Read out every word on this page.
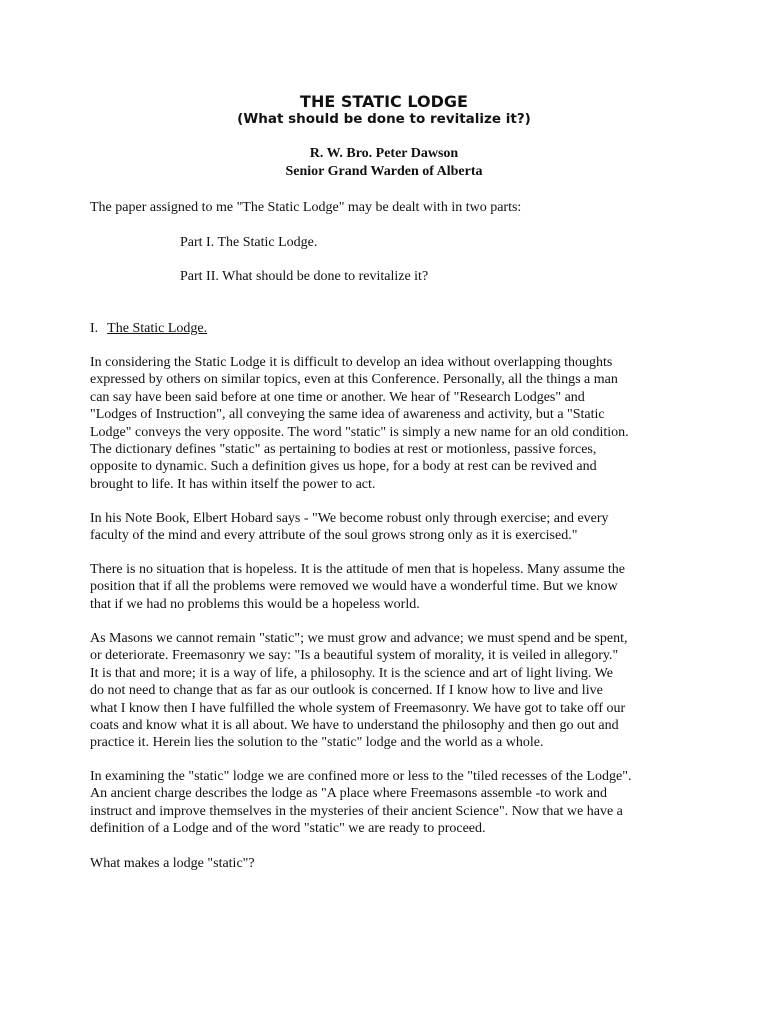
THE STATIC LODGE
(What should be done to revitalize it?)
R. W. Bro. Peter Dawson
Senior Grand Warden of Alberta

The paper assigned to me "The Static Lodge" may be dealt with in two parts:

Part I. The Static Lodge.

Part II. What should be done to revitalize it?

I. The Static Lodge.

In considering the Static Lodge it is difficult to develop an idea without overlapping thoughts
expressed by others on similar topics, even at this Conference. Personally, all the things a man
can say have been said before at one time or another. We hear of "Research Lodges" and
"Lodges of Instruction", all conveying the same idea of awareness and activity, but a "Static
Lodge" conveys the very opposite. The word "static" is simply a new name for an old condition.
The dictionary defines "static" as pertaining to bodies at rest or motionless, passive forces,
opposite to dynamic. Such a definition gives us hope, for a body at rest can be revived and
brought to life. It has within itself the power to act.
In his Note Book, Elbert Hobard says - "We become robust only through exercise; and every
faculty of the mind and every attribute of the soul grows strong only as it is exercised."
There is no situation that is hopeless. It is the attitude of men that is hopeless. Many assume the
position that if all the problems were removed we would have a wonderful time. But we know
that if we had no problems this would be a hopeless world.
As Masons we cannot remain "static"; we must grow and advance; we must spend and be spent,
or deteriorate. Freemasonry we say: "Is a beautiful system of morality, it is veiled in allegory."
It is that and more; it is a way of life, a philosophy. It is the science and art of light living. We
do not need to change that as far as our outlook is concerned. If I know how to live and live
what I know then I have fulfilled the whole system of Freemasonry. We have got to take off our
coats and know what it is all about. We have to understand the philosophy and then go out and
practice it. Herein lies the solution to the "static" lodge and the world as a whole.
In examining the "static" lodge we are confined more or less to the "tiled recesses of the Lodge".
An ancient charge describes the lodge as "A place where Freemasons assemble -to work and
instruct and improve themselves in the mysteries of their ancient Science". Now that we have a
definition of a Lodge and of the word "static" we are ready to proceed.

What makes a lodge "static"?
